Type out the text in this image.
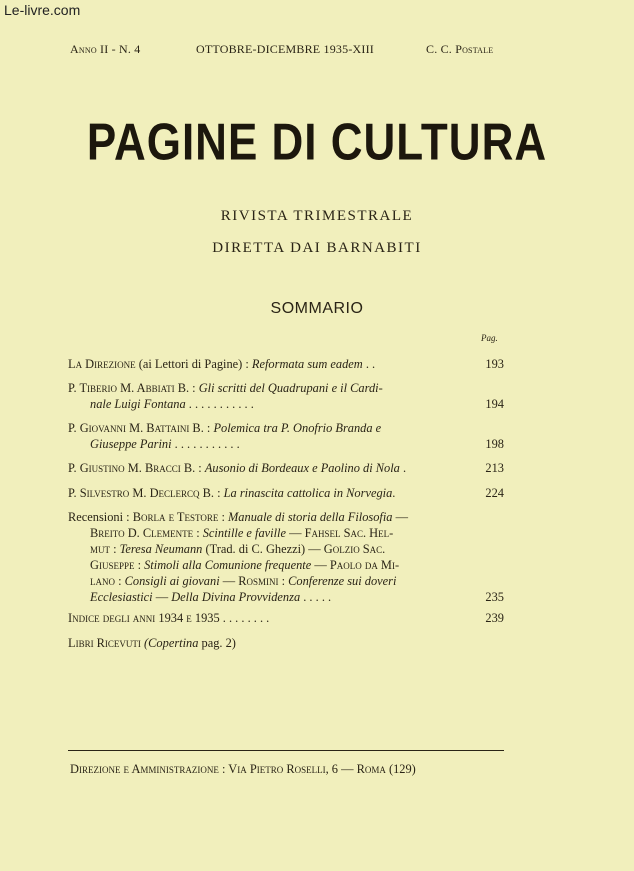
Le-livre.com
Anno II - N. 4	OTTOBRE-DICEMBRE 1935-XIII	C. C. Postale
PAGINE DI CULTURA
RIVISTA TRIMESTRALE
DIRETTA DAI BARNABITI
SOMMARIO
Pag.
La Direzione (ai Lettori di Pagine) : Reformata sum eadem . .	193
P. Tiberio M. Abbiati B. : Gli scritti del Quadrupani e il Cardi-
nale Luigi Fontana . . . . . . . . . . .	194
P. Giovanni M. Battaini B. : Polemica tra P. Onofrio Branda e
Giuseppe Parini . . . . . . . . . . .	198
P. Giustino M. Bracci B. : Ausonio di Bordeaux e Paolino di Nola .	213
P. Silvestro M. Declercq B. : La rinascita cattolica in Norvegia.	224
Recensioni : Borla e Testore : Manuale di storia della Filosofia —
Breito D. Clemente : Scintille e faville — Fahsel Sac. Hel-
mut : Teresa Neumann (Trad. di C. Ghezzi) — Golzio Sac.
Giuseppe : Stimoli alla Comunione frequente — Paolo da Mi-
lano : Consigli ai giovani — Rosmini : Conferenze sui doveri
Ecclesiastici — Della Divina Provvidenza . . . . .	235
Indice degli anni 1934 e 1935 . . . . . . . .	239
Libri Ricevuti (Copertina pag. 2)
Direzione e Amministrazione : Via Pietro Roselli, 6 — Roma (129)
